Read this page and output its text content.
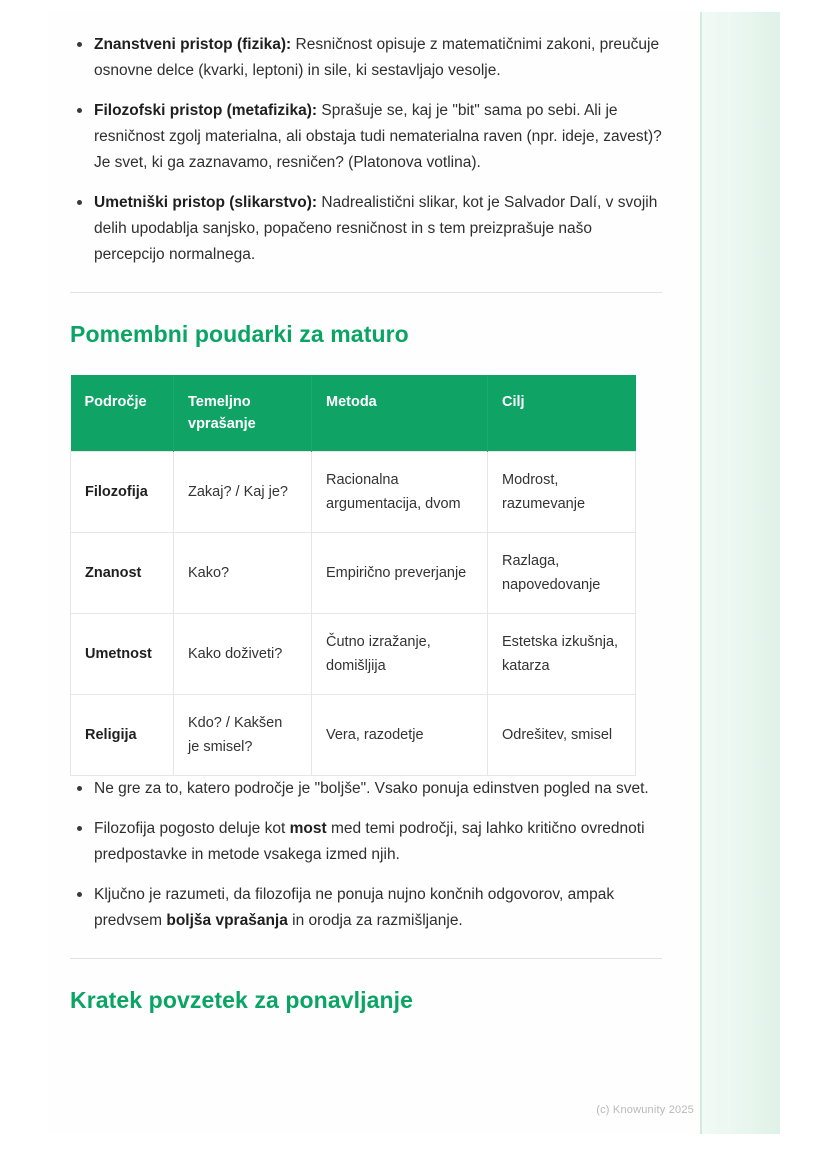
Znanstveni pristop (fizika): Resničnost opisuje z matematičnimi zakoni, preučuje osnovne delce (kvarki, leptoni) in sile, ki sestavljajo vesolje.
Filozofski pristop (metafizika): Sprašuje se, kaj je "bit" sama po sebi. Ali je resničnost zgolj materialna, ali obstaja tudi nematerialna raven (npr. ideje, zavest)? Je svet, ki ga zaznavamo, resničen? (Platonova votlina).
Umetniški pristop (slikarstvo): Nadrealistični slikar, kot je Salvador Dalí, v svojih delih upodablja sanjsko, popačeno resničnost in s tem preizprašuje našo percepcijo normalnega.
Pomembni poudarki za maturo
Področje	Temeljno vprašanje	Metoda	Cilj
Filozofija	Zakaj? / Kaj je?	Racionalna argumentacija, dvom	Modrost, razumevanje
Znanost	Kako?	Empirično preverjanje	Razlaga, napovedovanje
Umetnost	Kako doživeti?	Čutno izražanje, domišljija	Estetska izkušnja, katarza
Religija	Kdo? / Kakšen je smisel?	Vera, razodetje	Odrešitev, smisel
Ne gre za to, katero področje je "boljše". Vsako ponuja edinstven pogled na svet.
Filozofija pogosto deluje kot most med temi področji, saj lahko kritično ovrednoti predpostavke in metode vsakega izmed njih.
Ključno je razumeti, da filozofija ne ponuja nujno končnih odgovorov, ampak predvsem boljša vprašanja in orodja za razmišljanje.
Kratek povzetek za ponavljanje
(c) Knowunity 2025
